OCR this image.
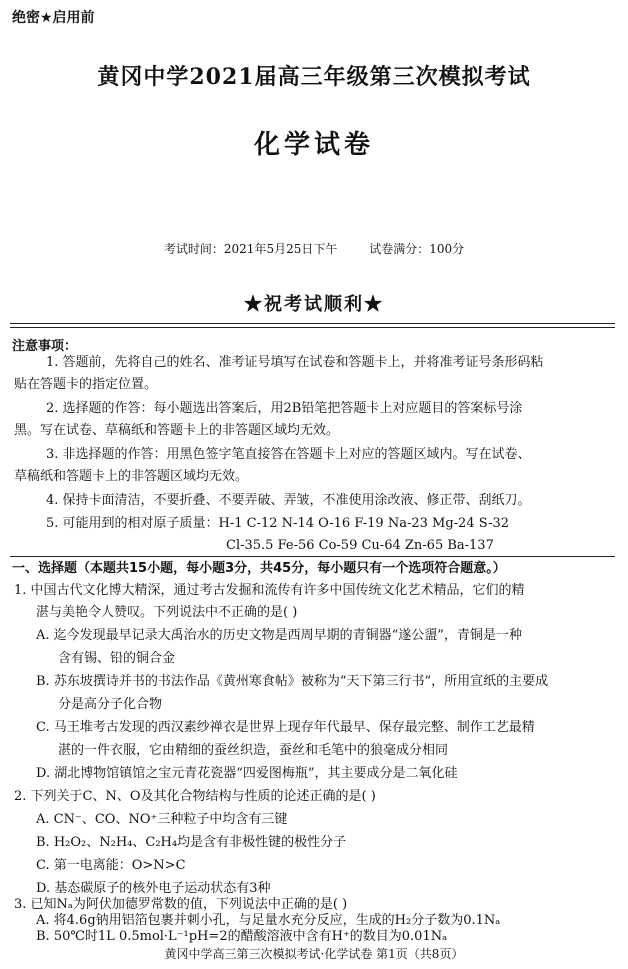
绝密★启用前
黄冈中学2021届高三年级第三次模拟考试
化学试卷
考试时间：2021年5月25日下午	试卷满分：100分
★祝考试顺利★
注意事项：
1. 答题前，先将自己的姓名、准考证号填写在试卷和答题卡上，并将准考证号条形码粘
贴在答题卡的指定位置。
2. 选择题的作答：每小题选出答案后，用2B铅笔把答题卡上对应题目的答案标号涂
黑。写在试卷、草稿纸和答题卡上的非答题区域均无效。
3. 非选择题的作答：用黑色签字笔直接答在答题卡上对应的答题区域内。写在试卷、
草稿纸和答题卡上的非答题区域均无效。
4. 保持卡面清洁，不要折叠、不要弄破、弄皱，不准使用涂改液、修正带、刮纸刀。
5. 可能用到的相对原子质量：H-1 C-12 N-14 O-16 F-19 Na-23 Mg-24 S-32
Cl-35.5 Fe-56 Co-59 Cu-64 Zn-65 Ba-137
一、选择题（本题共15小题，每小题3分，共45分，每小题只有一个选项符合题意。）
1. 中国古代文化博大精深，通过考古发掘和流传有许多中国传统文化艺术精品，它们的精
湛与美艳令人赞叹。下列说法中不正确的是( )
A. 迄今发现最早记录大禹治水的历史文物是西周早期的青铜器“遂公盨”，青铜是一种
含有锡、铅的铜合金
B. 苏东坡撰诗并书的书法作品《黄州寒食帖》被称为“天下第三行书”，所用宣纸的主要成
分是高分子化合物
C. 马王堆考古发现的西汉素纱禅衣是世界上现存年代最早、保存最完整、制作工艺最精
湛的一件衣服，它由精细的蚕丝织造，蚕丝和毛笔中的狼毫成分相同
D. 湖北博物馆镇馆之宝元青花瓷器“四爱图梅瓶”，其主要成分是二氧化硅
2. 下列关于C、N、O及其化合物结构与性质的论述正确的是( )
A. CN⁻、CO、NO⁺三种粒子中均含有三键
B. H₂O₂、N₂H₄、C₂H₄均是含有非极性键的极性分子
C. 第一电离能：O>N>C
D. 基态碳原子的核外电子运动状态有3种
3. 已知Nₐ为阿伏加德罗常数的值，下列说法中正确的是( )
A. 将4.6g钠用铝箔包裹并刺小孔，与足量水充分反应，生成的H₂分子数为0.1Nₐ
B. 50℃时1L 0.5mol·L⁻¹pH=2的醋酸溶液中含有H⁺的数目为0.01Nₐ
黄冈中学高三第三次模拟考试·化学试卷 第1页（共8页）
